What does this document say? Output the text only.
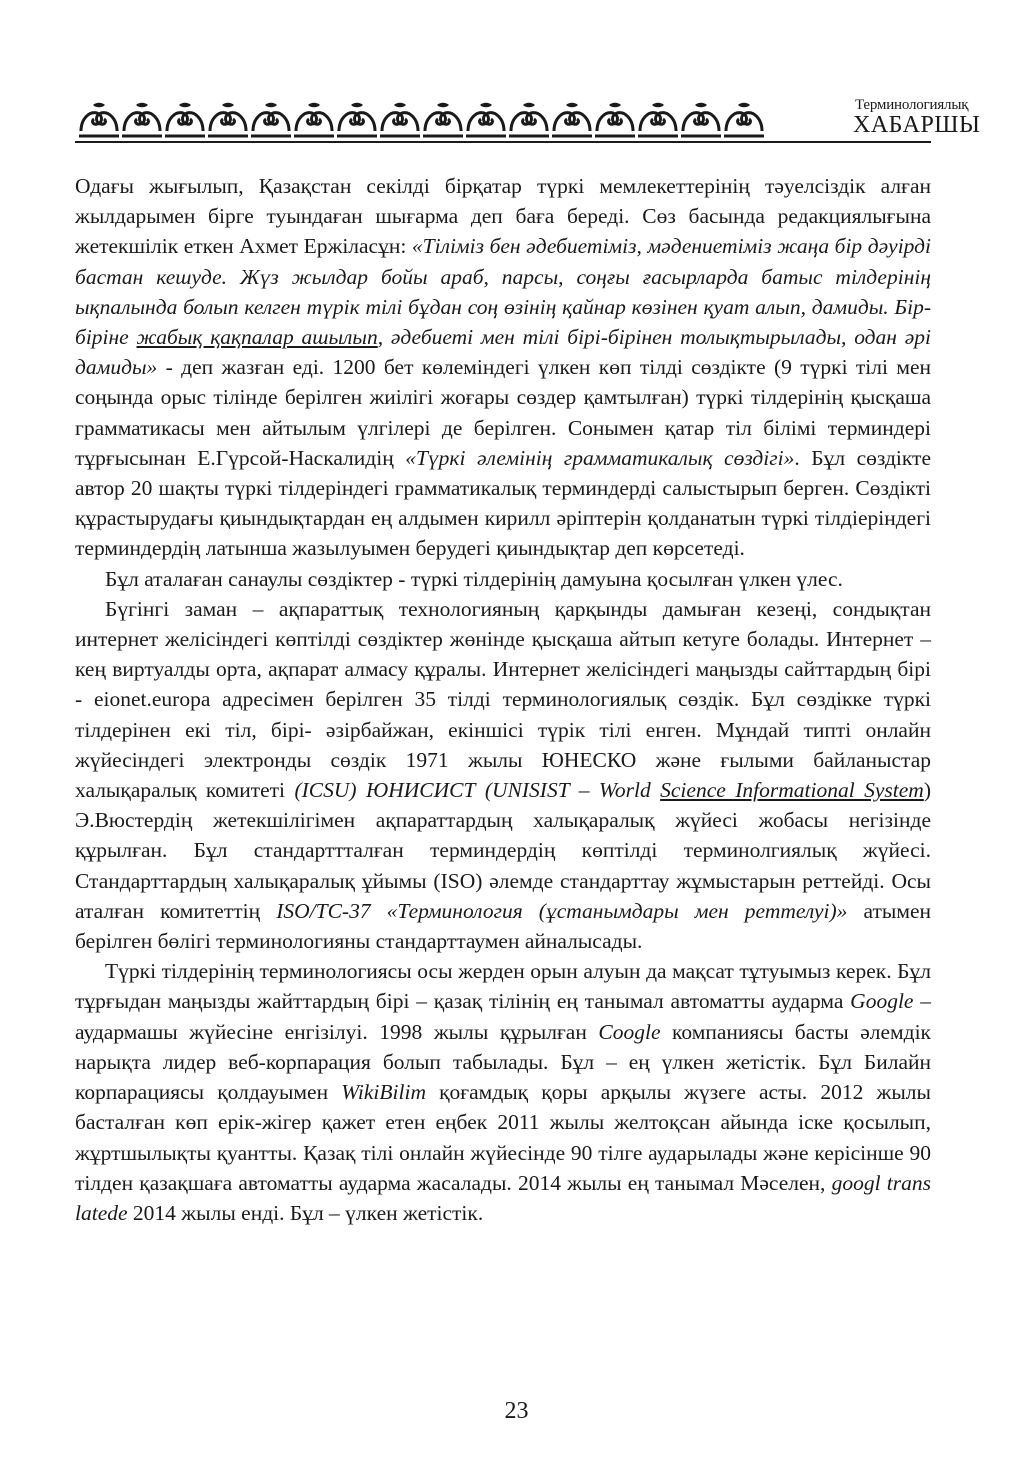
Терминологиялық
ХАБАРШЫ

Одағы жығылып, Қазақстан секілді бірқатар түркі мемлекеттерінің тәуелсіздік алған жылдарымен бірге туындаған шығарма деп баға береді. Сөз басында редакциялығына жетекшілік еткен Ахмет Ержіласұн: «Тіліміз бен әдебиетіміз, мәдениетіміз жаңа бір дәуірді бастан кешуде. Жүз жылдар бойы араб, парсы, соңғы ғасырларда батыс тілдерінің ықпалында болып келген түрік тілі бұдан соң өзінің қайнар көзінен қуат алып, дамиды. Бір-біріне жабық қақпалар ашылып, әдебиеті мен тілі бірі-бірінен толықтырылады, одан әрі дамиды» - деп жазған еді. 1200 бет көлеміндегі үлкен көп тілді сөздікте (9 түркі тілі мен соңында орыс тілінде берілген жиілігі жоғары сөздер қамтылған) түркі тілдерінің қысқаша грамматикасы мен айтылым үлгілері де берілген. Сонымен қатар тіл білімі терминдері тұрғысынан Е.Гүрсой-Наскалидің «Түркі әлемінің грамматикалық сөздігі». Бұл сөздікте автор 20 шақты түркі тілдеріндегі грамматикалық терминдерді салыстырып берген. Сөздікті құрастырудағы қиындықтардан ең алдымен кирилл әріптерін қолданатын түркі тілдіеріндегі терминдердің латынша жазылуымен берудегі қиындықтар деп көрсетеді.

Бұл аталаған санаулы сөздіктер - түркі тілдерінің дамуына қосылған үлкен үлес.

Бүгінгі заман – ақпараттық технологияның қарқынды дамыған кезеңі, сондықтан интернет желісіндегі көптілді сөздіктер жөнінде қысқаша айтып кетуге болады. Интернет – кең виртуалды орта, ақпарат алмасу құралы. Интернет желісіндегі маңызды сайттардың бірі - eionet.europa адресімен берілген 35 тілді терминологиялық сөздік. Бұл сөздікке түркі тілдерінен екі тіл, бірі- әзірбайжан, екіншісі түрік тілі енген. Мұндай типті онлайн жүйесіндегі электронды сөздік 1971 жылы ЮНЕСКО және ғылыми байланыстар халықаралық комитеті (ICSU) ЮНИСИСТ (UNISIST – World Science Informational System) Э.Вюстердің жетекшілігімен ақпараттардың халықаралық жүйесі жобасы негізінде құрылған. Бұл стандарттталған терминдердің көптілді терминолгиялық жүйесі. Стандарттардың халықаралық ұйымы (ISO) әлемде стандарттау жұмыстарын реттейді. Осы аталған комитеттің ISO/TC-37 «Терминология (ұстанымдары мен реттелуі)» атымен берілген бөлігі терминологияны стандарттаумен айналысады.

Түркі тілдерінің терминологиясы осы жерден орын алуын да мақсат тұтуымыз керек. Бұл тұрғыдан маңызды жайттардың бірі – қазақ тілінің ең танымал автоматты аударма Google – аудармашы жүйесіне енгізілуі. 1998 жылы құрылған Coogle компаниясы басты әлемдік нарықта лидер веб-корпарация болып табылады. Бұл – ең үлкен жетістік. Бұл Билайн корпарациясы қолдауымен WikiBilim қоғамдық қоры арқылы жүзеге асты. 2012 жылы басталған көп ерік-жігер қажет етен еңбек 2011 жылы желтоқсан айында іске қосылып, жұртшылықты қуантты. Қазақ тілі онлайн жүйесінде 90 тілге аударылады және керісінше 90 тілден қазақшаға автоматты аударма жасалады. 2014 жылы ең танымал Мәселен, googl trans latede 2014 жылы енді. Бұл – үлкен жетістік.

23
